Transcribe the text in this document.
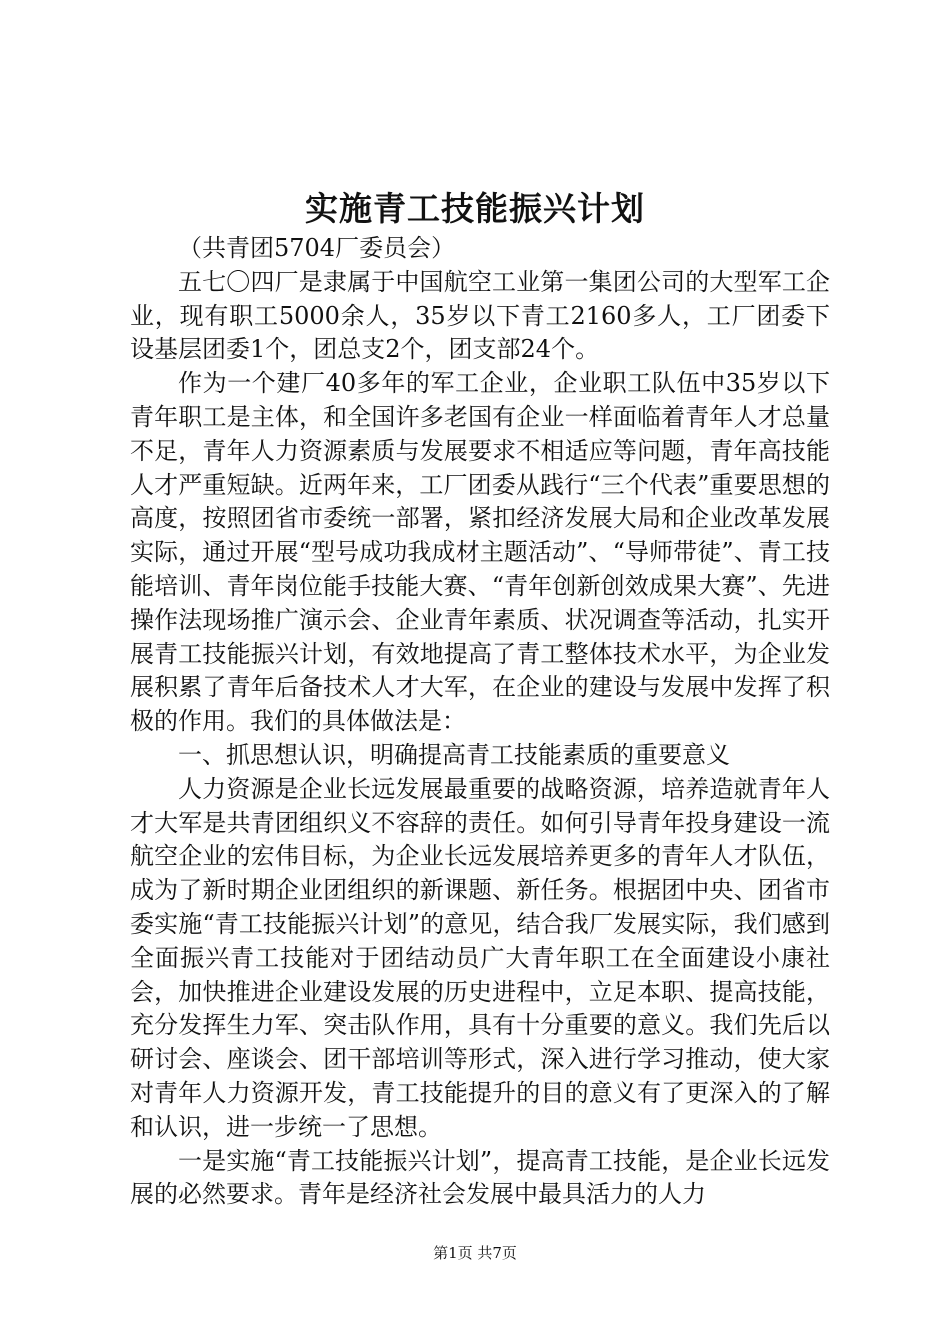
实施青工技能振兴计划

（共青团5704厂委员会）

五七〇四厂是隶属于中国航空工业第一集团公司的大型军工企业，现有职工5000余人，35岁以下青工2160多人，工厂团委下设基层团委1个，团总支2个，团支部24个。

作为一个建厂40多年的军工企业，企业职工队伍中35岁以下青年职工是主体，和全国许多老国有企业一样面临着青年人才总量不足，青年人力资源素质与发展要求不相适应等问题，青年高技能人才严重短缺。近两年来，工厂团委从践行“三个代表”重要思想的高度，按照团省市委统一部署，紧扣经济发展大局和企业改革发展实际，通过开展“型号成功我成材主题活动”、“导师带徒”、青工技能培训、青年岗位能手技能大赛、“青年创新创效成果大赛”、先进操作法现场推广演示会、企业青年素质、状况调查等活动，扎实开展青工技能振兴计划，有效地提高了青工整体技术水平，为企业发展积累了青年后备技术人才大军，在企业的建设与发展中发挥了积极的作用。我们的具体做法是：

一、抓思想认识，明确提高青工技能素质的重要意义

人力资源是企业长远发展最重要的战略资源，培养造就青年人才大军是共青团组织义不容辞的责任。如何引导青年投身建设一流航空企业的宏伟目标，为企业长远发展培养更多的青年人才队伍，成为了新时期企业团组织的新课题、新任务。根据团中央、团省市委实施“青工技能振兴计划”的意见，结合我厂发展实际，我们感到全面振兴青工技能对于团结动员广大青年职工在全面建设小康社会，加快推进企业建设发展的历史进程中，立足本职、提高技能，充分发挥生力军、突击队作用，具有十分重要的意义。我们先后以研讨会、座谈会、团干部培训等形式，深入进行学习推动，使大家对青年人力资源开发，青工技能提升的目的意义有了更深入的了解和认识，进一步统一了思想。

一是实施“青工技能振兴计划”，提高青工技能，是企业长远发展的必然要求。青年是经济社会发展中最具活力的人力

第1页 共7页
